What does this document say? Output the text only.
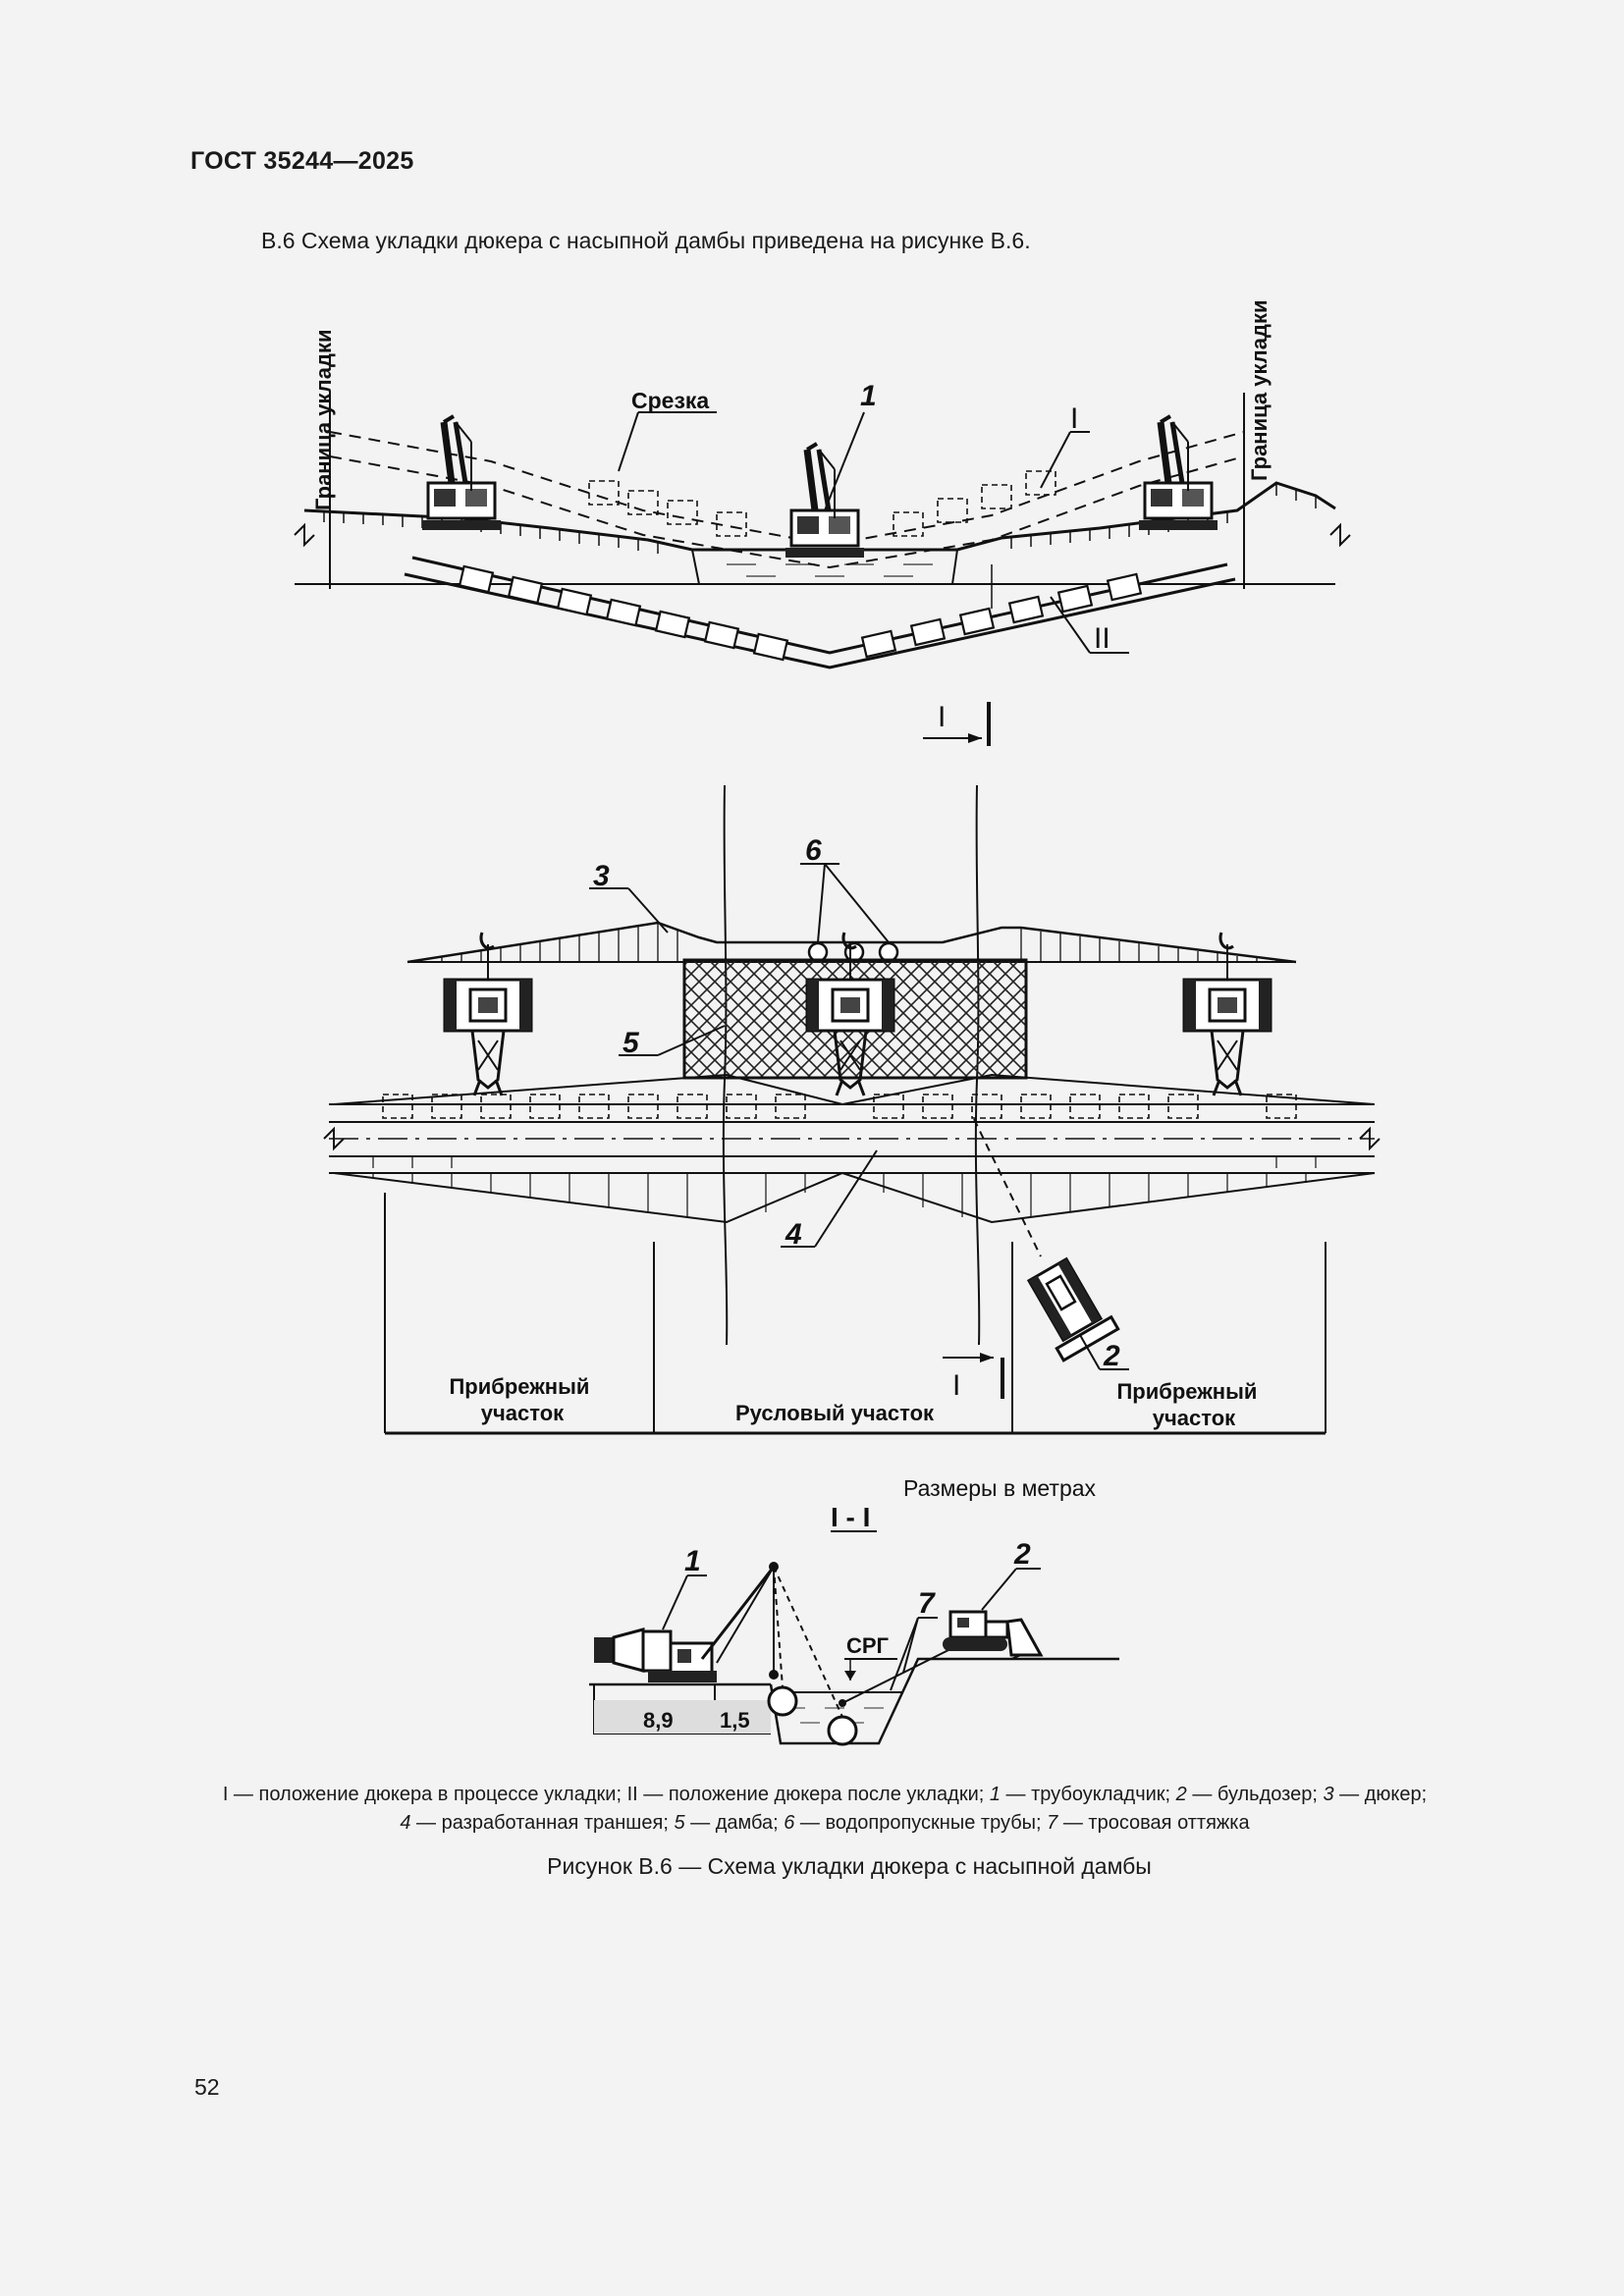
ГОСТ 35244—2025
В.6 Схема укладки дюкера с насыпной дамбы приведена на рисунке В.6.
Граница укладки	Граница укладки
Срезка	1
I
II
I
I
3
6
5
4
2
Прибрежный участок	Русловый участок
Прибрежный участок
Размеры в метрах
I - I
8,9 1,5
1	2
7
СРГ
I — положение дюкера в процессе укладки; II — положение дюкера после укладки; 1 — трубоукладчик; 2 — бульдозер; 3 — дюкер;
4 — разработанная траншея; 5 — дамба; 6 — водопропускные трубы; 7 — тросовая оттяжка
Рисунок В.6 — Схема укладки дюкера с насыпной дамбы
52
